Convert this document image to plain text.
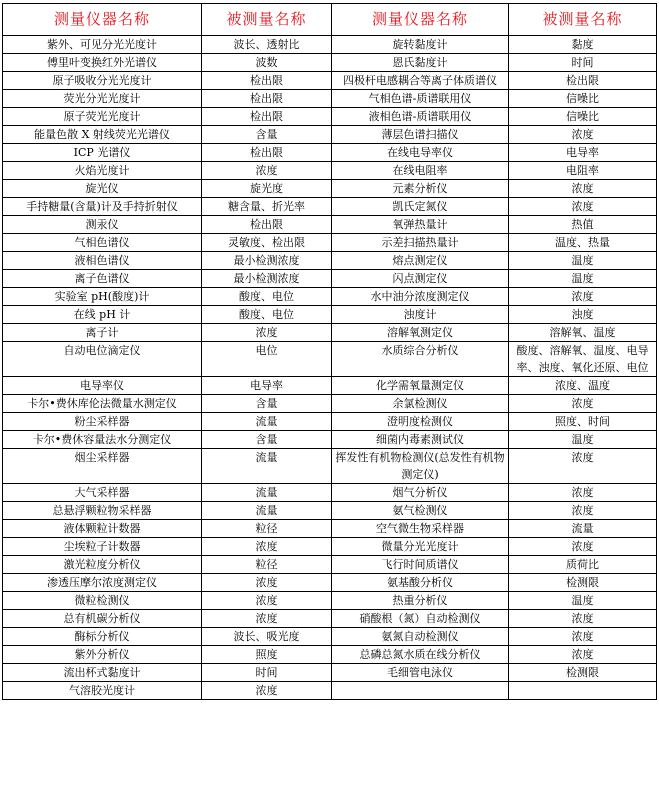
测量仪器名称	被测量名称	测量仪器名称	被测量名称
紫外、可见分光光度计	波长、透射比	旋转黏度计	黏度
傅里叶变换红外光谱仪	波数	恩氏黏度计	时间
原子吸收分光光度计	检出限	四极杆电感耦合等离子体质谱仪	检出限
荧光分光光度计	检出限	气相色谱-质谱联用仪	信噪比
原子荧光光度计	检出限	液相色谱-质谱联用仪	信噪比
能量色散 X 射线荧光光谱仪	含量	薄层色谱扫描仪	浓度
ICP 光谱仪	检出限	在线电导率仪	电导率
火焰光度计	浓度	在线电阻率	电阻率
旋光仪	旋光度	元素分析仪	浓度
手持糖量(含量)计及手持折射仪	糖含量、折光率	凯氏定氮仪	浓度
测汞仪	检出限	氧弹热量计	热值
气相色谱仪	灵敏度、检出限	示差扫描热量计	温度、热量
液相色谱仪	最小检测浓度	熔点测定仪	温度
离子色谱仪	最小检测浓度	闪点测定仪	温度
实验室 pH(酸度)计	酸度、电位	水中油分浓度测定仪	浓度
在线 pH 计	酸度、电位	浊度计	浊度
离子计	浓度	溶解氧测定仪	溶解氧、温度
自动电位滴定仪	电位	水质综合分析仪	酸度、溶解氧、温度、电导率、浊度、氧化还原、电位
电导率仪	电导率	化学需氧量测定仪	浓度、温度
卡尔•费休库伦法微量水测定仪	含量	余氯检测仪	浓度
粉尘采样器	流量	澄明度检测仪	照度、时间
卡尔•费休容量法水分测定仪	含量	细菌内毒素测试仪	温度
烟尘采样器	流量	挥发性有机物检测仪(总发性有机物测定仪)	浓度
大气采样器	流量	烟气分析仪	浓度
总悬浮颗粒物采样器	流量	氨气检测仪	浓度
液体颗粒计数器	粒径	空气微生物采样器	流量
尘埃粒子计数器	浓度	微量分光光度计	浓度
激光粒度分析仪	粒径	飞行时间质谱仪	质荷比
渗透压摩尔浓度测定仪	浓度	氨基酸分析仪	检测限
微粒检测仪	浓度	热重分析仪	温度
总有机碳分析仪	浓度	硝酸根（氮）自动检测仪	浓度
酶标分析仪	波长、吸光度	氨氮自动检测仪	浓度
紫外分析仪	照度	总磷总氮水质在线分析仪	浓度
流出杯式黏度计	时间	毛细管电泳仪	检测限
气溶胶光度计	浓度		
